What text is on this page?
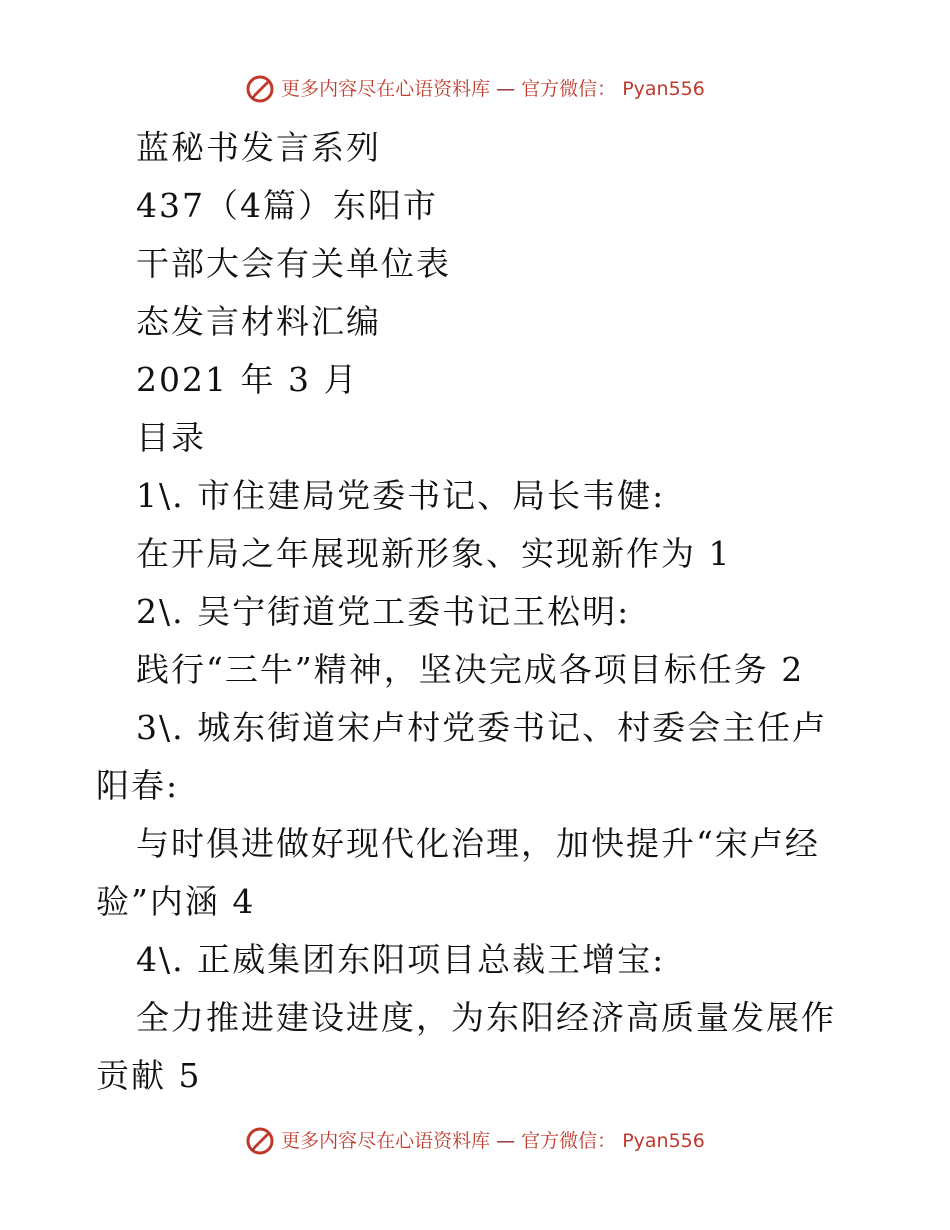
更多内容尽在心语资料库 — 官方微信： Pyan556
蓝秘书发言系列
437（4篇）东阳市
干部大会有关单位表
态发言材料汇编
2021 年 3 月
目录
1\. 市住建局党委书记、局长韦健:
在开局之年展现新形象、实现新作为 1
2\. 吴宁街道党工委书记王松明:
践行“三牛”精神，坚决完成各项目标任务 2
3\. 城东街道宋卢村党委书记、村委会主任卢阳春:
与时俱进做好现代化治理，加快提升“宋卢经验”内涵 4
4\. 正威集团东阳项目总裁王增宝:
全力推进建设进度，为东阳经济高质量发展作贡献 5
更多内容尽在心语资料库 — 官方微信： Pyan556
